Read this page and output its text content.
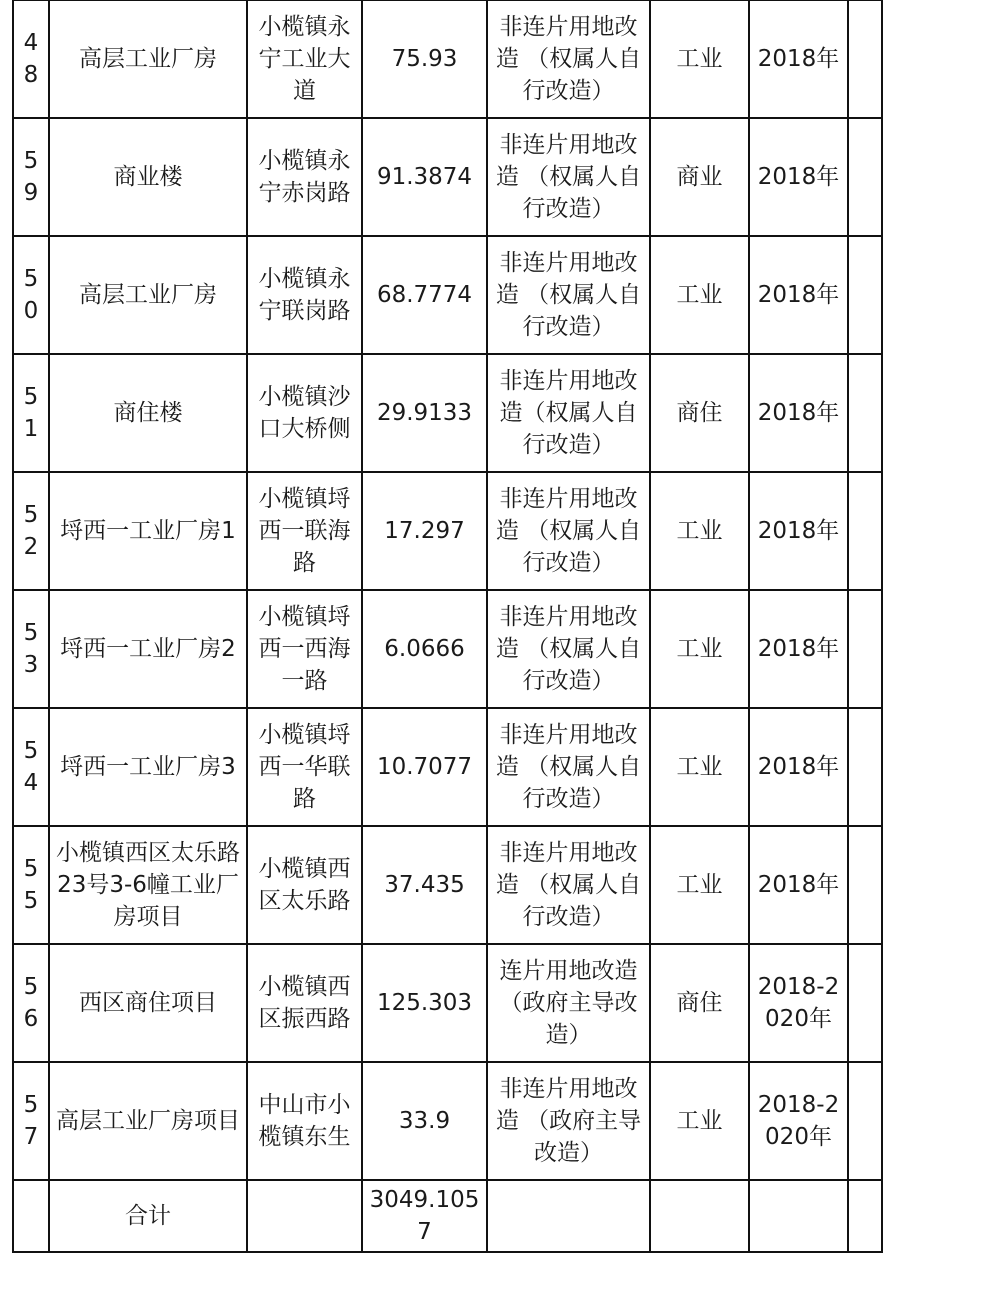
48	高层工业厂房	小榄镇永宁工业大道	75.93	非连片用地改造 （权属人自行改造）	工业	2018年	
59	商业楼	小榄镇永宁赤岗路	91.3874	非连片用地改造 （权属人自行改造）	商业	2018年	
50	高层工业厂房	小榄镇永宁联岗路	68.7774	非连片用地改造 （权属人自行改造）	工业	2018年	
51	商住楼	小榄镇沙口大桥侧	29.9133	非连片用地改造（权属人自行改造）	商住	2018年	
52	埒西一工业厂房1	小榄镇埒西一联海路	17.297	非连片用地改造 （权属人自行改造）	工业	2018年	
53	埒西一工业厂房2	小榄镇埒西一西海一路	6.0666	非连片用地改造 （权属人自行改造）	工业	2018年	
54	埒西一工业厂房3	小榄镇埒西一华联路	10.7077	非连片用地改造 （权属人自行改造）	工业	2018年	
55	小榄镇西区太乐路23号3-6幢工业厂房项目	小榄镇西区太乐路	37.435	非连片用地改造 （权属人自行改造）	工业	2018年	
56	西区商住项目	小榄镇西区振西路	125.303	连片用地改造 （政府主导改造）	商住	2018-2020年	
57	高层工业厂房项目	中山市小榄镇东生	33.9	非连片用地改造 （政府主导改造）	工业	2018-2020年	
	合计		3049.1057				
